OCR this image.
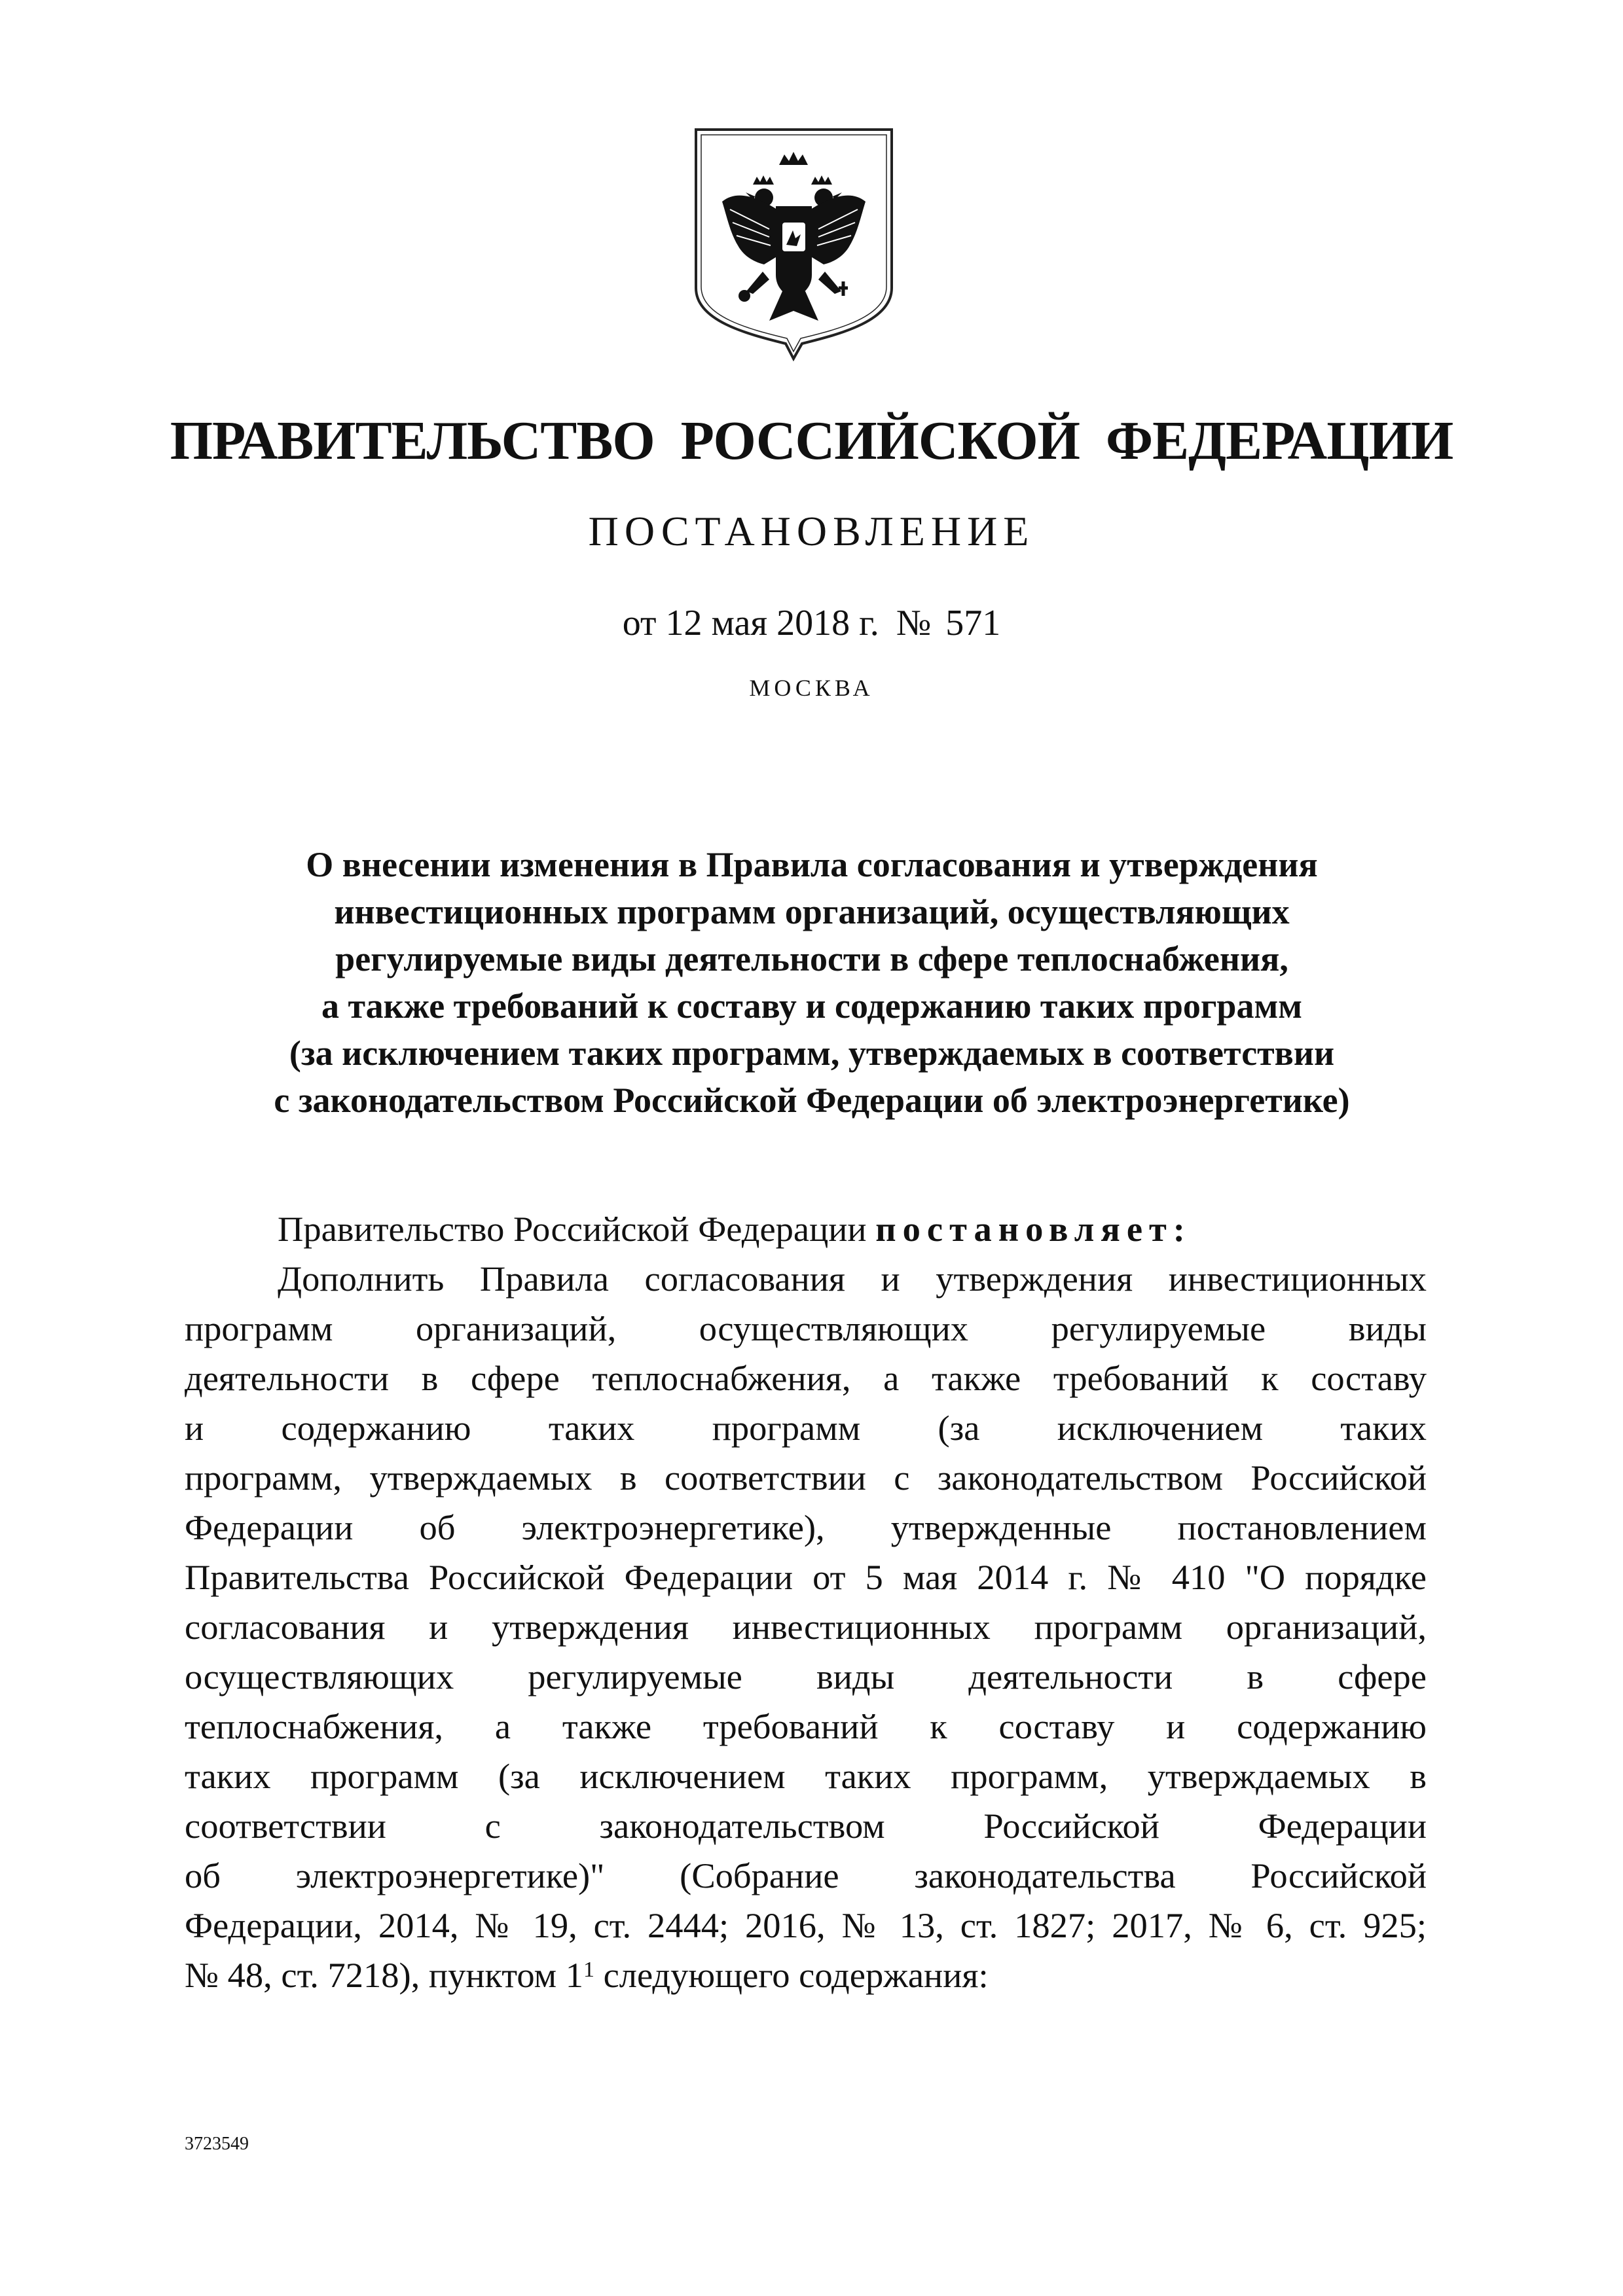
ПРАВИТЕЛЬСТВО  РОССИЙСКОЙ  ФЕДЕРАЦИИ
ПОСТАНОВЛЕНИЕ
от 12 мая 2018 г. № 571
МОСКВА
О внесении изменения в Правила согласования и утверждения
инвестиционных программ организаций, осуществляющих
регулируемые виды деятельности в сфере теплоснабжения,
а также требований к составу и содержанию таких программ
(за исключением таких программ, утверждаемых в соответствии
с законодательством Российской Федерации об электроэнергетике)
Правительство Российской Федерации постановляет:
Дополнить Правила согласования и утверждения инвестиционных
программ организаций, осуществляющих регулируемые виды
деятельности в сфере теплоснабжения, а также требований к составу
и содержанию таких программ (за исключением таких
программ, утверждаемых в соответствии с законодательством Российской
Федерации об электроэнергетике), утвержденные постановлением
Правительства Российской Федерации от 5 мая 2014 г. № 410 "О порядке
согласования и утверждения инвестиционных программ организаций,
осуществляющих регулируемые виды деятельности в сфере
теплоснабжения, а также требований к составу и содержанию
таких программ (за исключением таких программ, утверждаемых в
соответствии с законодательством Российской Федерации
об электроэнергетике)" (Собрание законодательства Российской
Федерации, 2014, № 19, ст. 2444; 2016, № 13, ст. 1827; 2017, № 6, ст. 925;
№ 48, ст. 7218), пунктом $1^1$ следующего содержания:
3723549
